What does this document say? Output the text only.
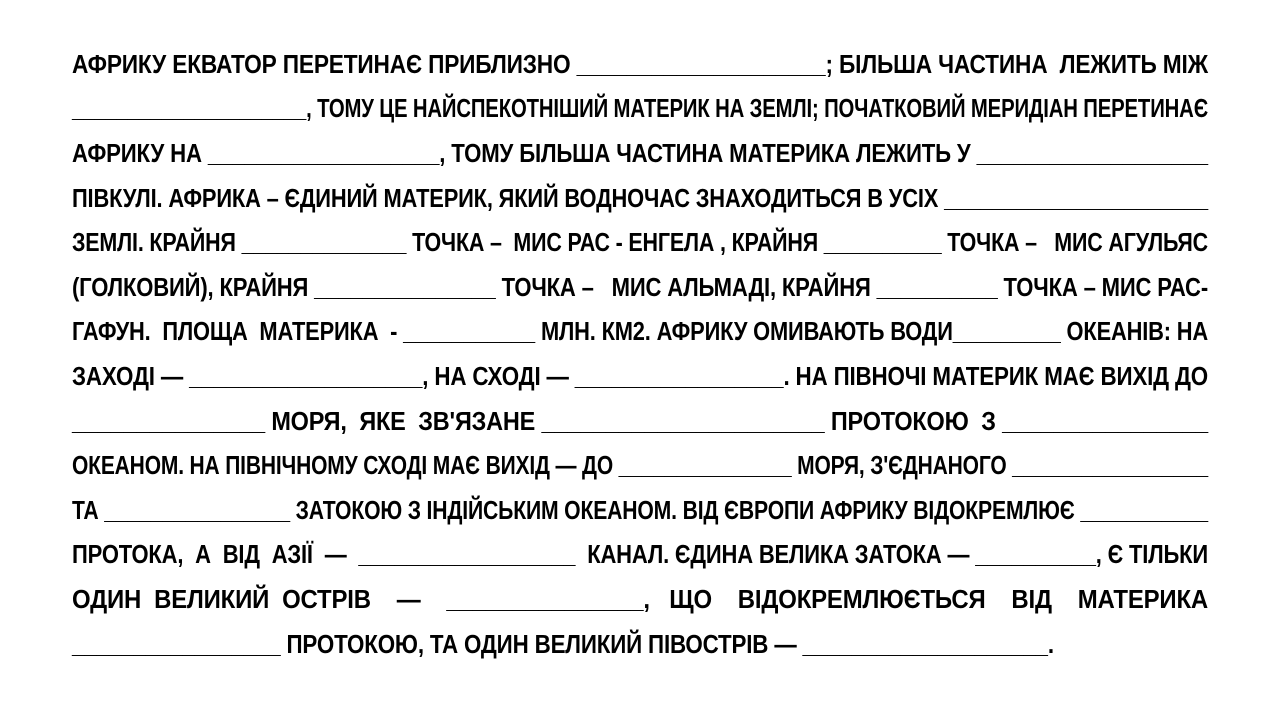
АФРИКУ ЕКВАТОР ПЕРЕТИНАЄ ПРИБЛИЗНО ____________________; БІЛЬША ЧАСТИНА  ЛЕЖИТЬ МІЖ
_____________________, ТОМУ ЦЕ НАЙСПЕКОТНІШИЙ МАТЕРИК НА ЗЕМЛІ; ПОЧАТКОВИЙ МЕРИДІАН ПЕРЕТИНАЄ
АФРИКУ НА ___________________, ТОМУ БІЛЬША ЧАСТИНА МАТЕРИКА ЛЕЖИТЬ У ___________________
ПІВКУЛІ. АФРИКА – ЄДИНИЙ МАТЕРИК, ЯКИЙ ВОДНОЧАС ЗНАХОДИТЬСЯ В УСІХ ______________________
ЗЕМЛІ. КРАЙНЯ ______________ ТОЧКА –  МИС РАС - ЕНГЕЛА , КРАЙНЯ __________ ТОЧКА –   МИС АГУЛЬЯС
(ГОЛКОВИЙ), КРАЙНЯ _______________ ТОЧКА –   МИС АЛЬМАДІ, КРАЙНЯ __________ ТОЧКА – МИС РАС-
ГАФУН.  ПЛОЩА  МАТЕРИКА  - ___________ МЛН. КМ2. АФРИКУ ОМИВАЮТЬ ВОДИ_________ ОКЕАНІВ: НА
ЗАХОДІ — ___________________, НА СХОДІ — _________________. НА ПІВНОЧІ МАТЕРИК МАЄ ВИХІД ДО
_______________ МОРЯ,  ЯКЕ  ЗВ'ЯЗАНЕ ______________________ ПРОТОКОЮ  З ________________
ОКЕАНОМ. НА ПІВНІЧНОМУ СХОДІ МАЄ ВИХІД — ДО _______________ МОРЯ, З'ЄДНАНОГО _________________
ТА ________________ ЗАТОКОЮ З ІНДІЙСЬКИМ ОКЕАНОМ. ВІД ЄВРОПИ АФРИКУ ВІДОКРЕМЛЮЄ ___________
ПРОТОКА,  А  ВІД  АЗІЇ  —  __________________  КАНАЛ. ЄДИНА ВЕЛИКА ЗАТОКА — __________, Є ТІЛЬКИ
ОДИН  ВЕЛИКИЙ  ОСТРІВ    —    _______________,   ЩО    ВІДОКРЕМЛЮЄТЬСЯ    ВІД    МАТЕРИКА
_________________ ПРОТОКОЮ, ТА ОДИН ВЕЛИКИЙ ПІВОСТРІВ — ____________________.
